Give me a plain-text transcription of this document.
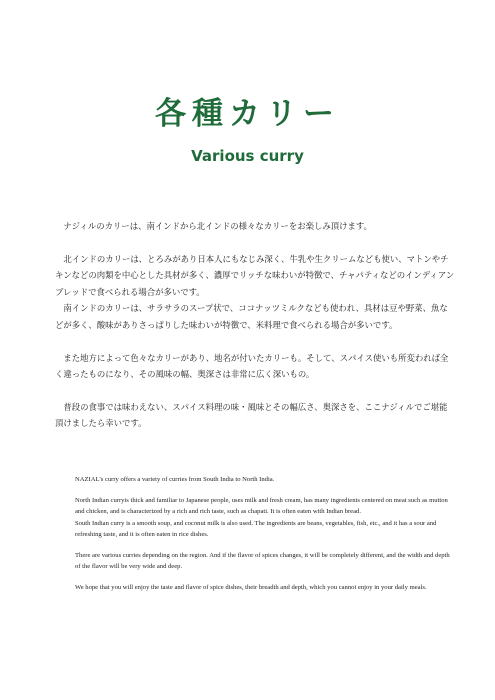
各種カリー
Various curry

ナジィルのカリーは、南インドから北インドの様々なカリーをお楽しみ頂けます。

北インドのカリーは、とろみがあり日本人にもなじみ深く、牛乳や生クリームなども使い、マトンやチキンなどの肉類を中心とした具材が多く、濃厚でリッチな味わいが特徴で、チャパティなどのインディアンブレッドで食べられる場合が多いです。

南インドのカリーは、サラサラのスープ状で、ココナッツミルクなども使われ、具材は豆や野菜、魚などが多く、酸味がありさっぱりした味わいが特徴で、米料理で食べられる場合が多いです。

また地方によって色々なカリーがあり、地名が付いたカリーも。そして、スパイス使いも所変われば全く違ったものになり、その風味の幅、奥深さは非常に広く深いもの。

普段の食事では味わえない、スパイス料理の味・風味とその幅広さ、奥深さを、ここナジィルでご堪能頂けましたら幸いです。

NAZIAL's curry offers a variety of curries from South India to North India.

North Indian curryis thick and familiar to Japanese people, uses milk and fresh cream, has many ingredients centered on meat such as mutton and chicken, and is characterized by a rich and rich taste, such as chapati. It is often eaten with Indian bread.

South Indian curry is a smooth soup, and coconut milk is also used. The ingredients are beans, vegetables, fish, etc., and it has a sour and refreshing taste, and it is often eaten in rice dishes.

There are various curries depending on the region. And if the flavor of spices changes, it will be completely different, and the width and depth of the flavor will be very wide and deep.

We hope that you will enjoy the taste and flavor of spice dishes, their breadth and depth, which you cannot enjoy in your daily meals.
